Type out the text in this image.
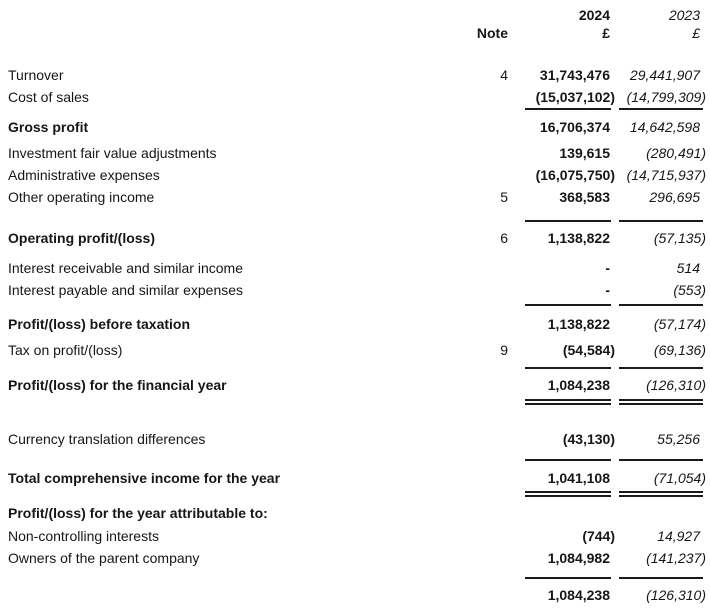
2024	2023
Note	£	£
Turnover	4	31,743,476	29,441,907
Cost of sales	(15,037,102) (14,799,309)
Gross profit	16,706,374	14,642,598
Investment fair value adjustments	139,615	(280,491)
Administrative expenses	(16,075,750) (14,715,937)
Other operating income	5	368,583	296,695
Operating profit/(loss)	6	1,138,822	(57,135)
Interest receivable and similar income	-	514
Interest payable and similar expenses	-	(553)
Profit/(loss) before taxation	1,138,822	(57,174)
Tax on profit/(loss)	9	(54,584)	(69,136)
Profit/(loss) for the financial year	1,084,238	(126,310)
Currency translation differences	(43,130)	55,256
Total comprehensive income for the year	1,041,108	(71,054)
Profit/(loss) for the year attributable to:
Non-controlling interests	(744)	14,927
Owners of the parent company	1,084,982	(141,237)
1,084,238	(126,310)
